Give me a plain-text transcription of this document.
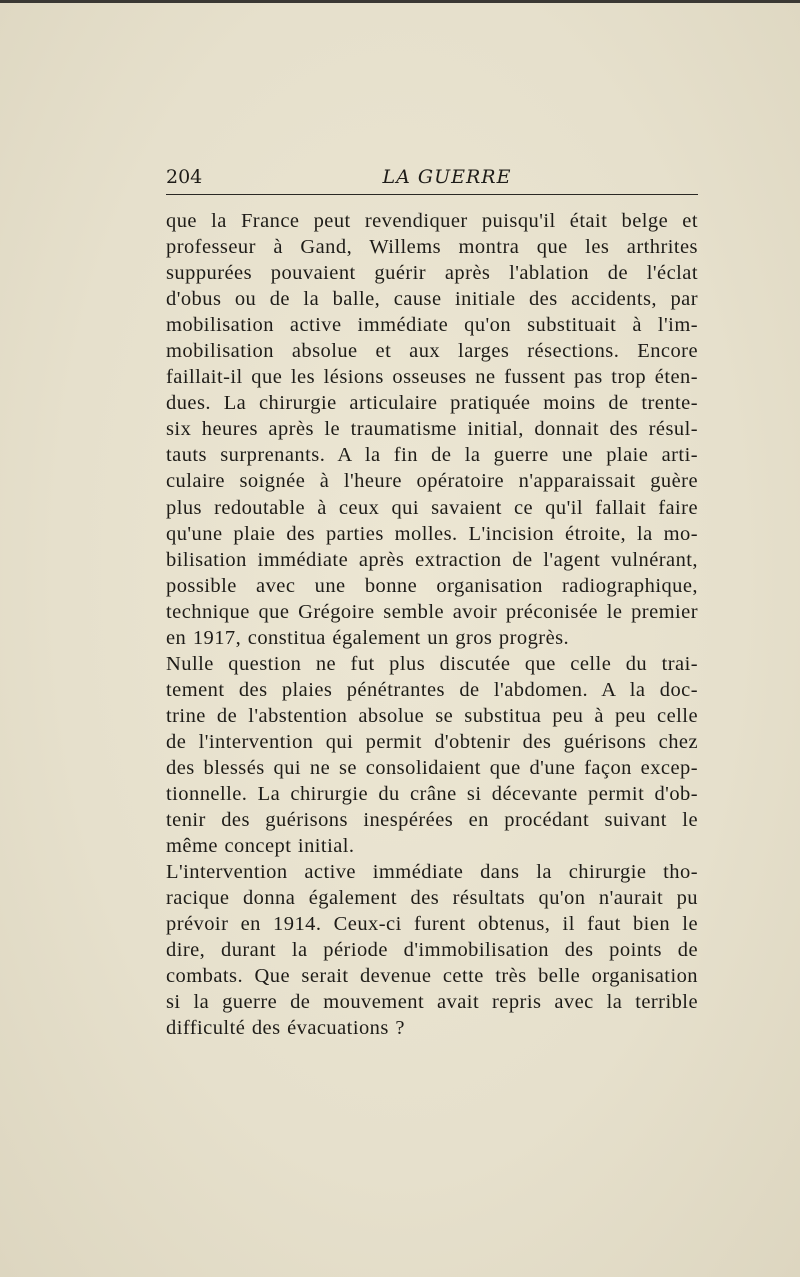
204	LA GUERRE

que la France peut revendiquer puisqu'il était belge et
professeur à Gand, Willems montra que les arthrites
suppurées pouvaient guérir après l'ablation de l'éclat
d'obus ou de la balle, cause initiale des accidents, par
mobilisation active immédiate qu'on substituait à l'im-
mobilisation absolue et aux larges résections. Encore
faillait-il que les lésions osseuses ne fussent pas trop éten-
dues. La chirurgie articulaire pratiquée moins de trente-
six heures après le traumatisme initial, donnait des résul-
tauts surprenants. A la fin de la guerre une plaie arti-
culaire soignée à l'heure opératoire n'apparaissait guère
plus redoutable à ceux qui savaient ce qu'il fallait faire
qu'une plaie des parties molles. L'incision étroite, la mo-
bilisation immédiate après extraction de l'agent vulnérant,
possible avec une bonne organisation radiographique,
technique que Grégoire semble avoir préconisée le premier
en 1917, constitua également un gros progrès.

Nulle question ne fut plus discutée que celle du trai-
tement des plaies pénétrantes de l'abdomen. A la doc-
trine de l'abstention absolue se substitua peu à peu celle
de l'intervention qui permit d'obtenir des guérisons chez
des blessés qui ne se consolidaient que d'une façon excep-
tionnelle. La chirurgie du crâne si décevante permit d'ob-
tenir des guérisons inespérées en procédant suivant le
même concept initial.

L'intervention active immédiate dans la chirurgie tho-
racique donna également des résultats qu'on n'aurait pu
prévoir en 1914. Ceux-ci furent obtenus, il faut bien le
dire, durant la période d'immobilisation des points de
combats. Que serait devenue cette très belle organisation
si la guerre de mouvement avait repris avec la terrible
difficulté des évacuations ?
